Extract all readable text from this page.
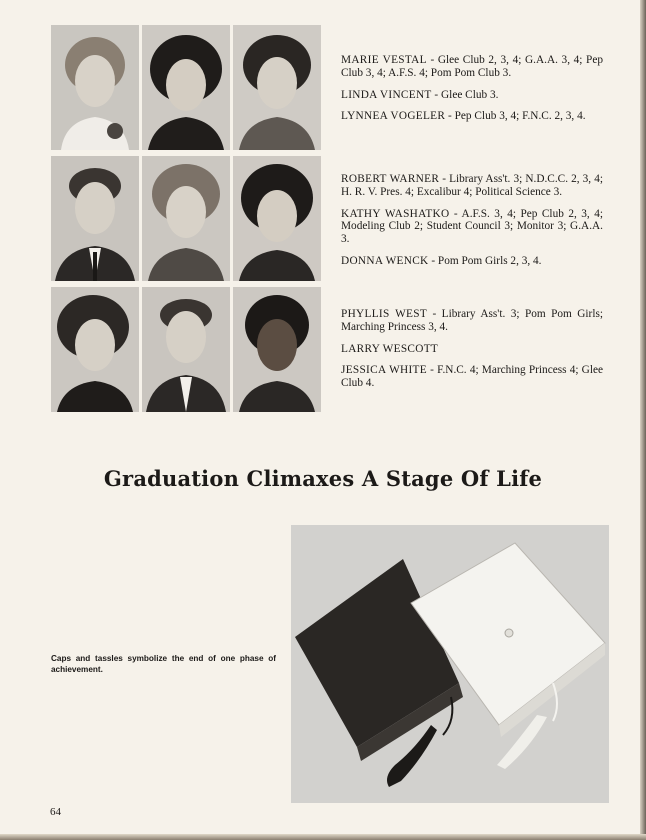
MARIE VESTAL - Glee Club 2, 3, 4; G.A.A. 3, 4; Pep Club 3, 4; A.F.S. 4; Pom Pom Club 3.

LINDA VINCENT - Glee Club 3.

LYNNEA VOGELER - Pep Club 3, 4; F.N.C. 2, 3, 4.

ROBERT WARNER - Library Ass't. 3; N.D.C.C. 2, 3, 4; H. R. V. Pres. 4; Excalibur 4; Political Science 3.

KATHY WASHATKO - A.F.S. 3, 4; Pep Club 2, 3, 4; Modeling Club 2; Student Council 3; Monitor 3; G.A.A. 3.

DONNA WENCK - Pom Pom Girls 2, 3, 4.

PHYLLIS WEST - Library Ass't. 3; Pom Pom Girls; Marching Princess 3, 4.

LARRY WESCOTT

JESSICA WHITE - F.N.C. 4; Marching Princess 4; Glee Club 4.

Graduation Climaxes A Stage Of Life

Caps and tassles symbolize the end of one phase of achievement.

64
